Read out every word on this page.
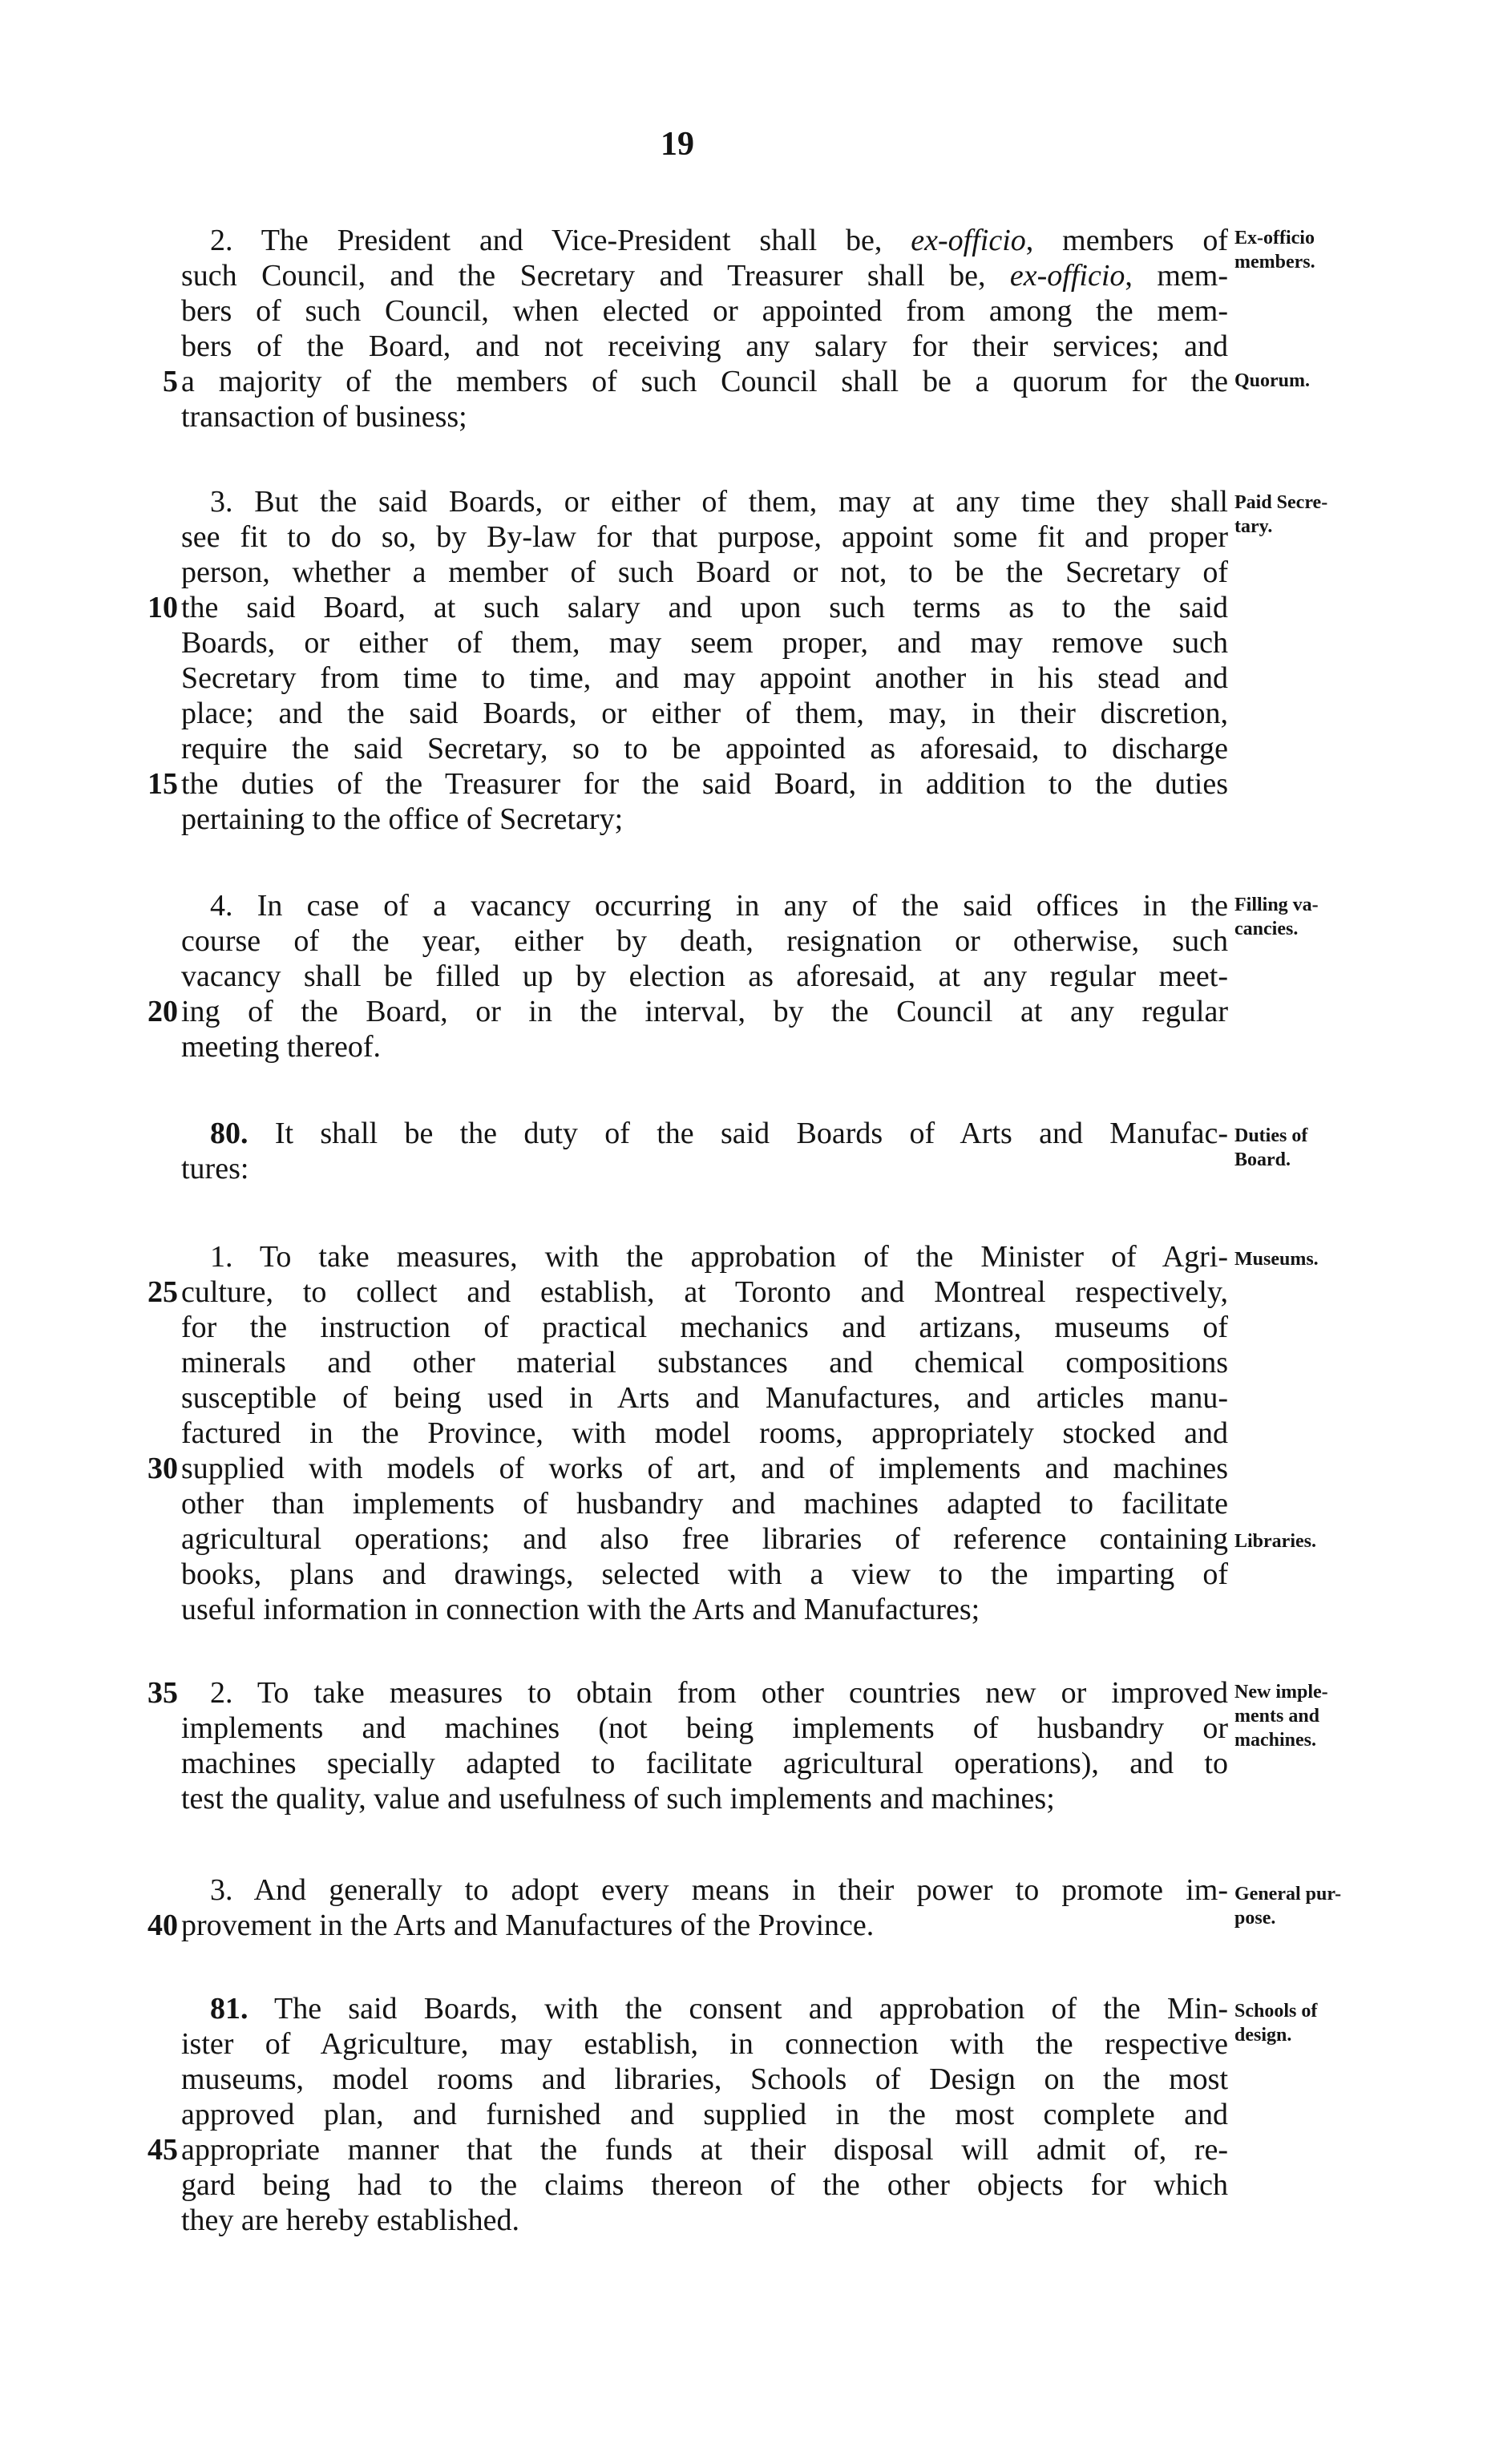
19
2. The President and Vice-President shall be, ex-officio, members of
such Council, and the Secretary and Treasurer shall be, ex-officio, mem-
bers of such Council, when elected or appointed from among the mem-
bers of the Board, and not receiving any salary for their services; and
5 a majority of the members of such Council shall be a quorum for the
transaction of business;
Ex-officio
members.
Quorum.
3. But the said Boards, or either of them, may at any time they shall
see fit to do so, by By-law for that purpose, appoint some fit and proper
person, whether a member of such Board or not, to be the Secretary of
10 the said Board, at such salary and upon such terms as to the said
Boards, or either of them, may seem proper, and may remove such
Secretary from time to time, and may appoint another in his stead and
place; and the said Boards, or either of them, may, in their discretion,
require the said Secretary, so to be appointed as aforesaid, to discharge
15 the duties of the Treasurer for the said Board, in addition to the duties
pertaining to the office of Secretary;
Paid Secre-
tary.
4. In case of a vacancy occurring in any of the said offices in the
course of the year, either by death, resignation or otherwise, such
vacancy shall be filled up by election as aforesaid, at any regular meet-
20 ing of the Board, or in the interval, by the Council at any regular
meeting thereof.
Filling va-
cancies.
80. It shall be the duty of the said Boards of Arts and Manufac-
tures:
Duties of
Board.
1. To take measures, with the approbation of the Minister of Agri-
25 culture, to collect and establish, at Toronto and Montreal respectively,
for the instruction of practical mechanics and artizans, museums of
minerals and other material substances and chemical compositions
susceptible of being used in Arts and Manufactures, and articles manu-
factured in the Province, with model rooms, appropriately stocked and
30 supplied with models of works of art, and of implements and machines
other than implements of husbandry and machines adapted to facilitate
agricultural operations; and also free libraries of reference containing
books, plans and drawings, selected with a view to the imparting of
useful information in connection with the Arts and Manufactures;
Museums.
Libraries.
35 2. To take measures to obtain from other countries new or improved
implements and machines (not being implements of husbandry or
machines specially adapted to facilitate agricultural operations), and to
test the quality, value and usefulness of such implements and machines;
New imple-
ments and
machines.
3. And generally to adopt every means in their power to promote im-
40 provement in the Arts and Manufactures of the Province.
General pur-
pose.
81. The said Boards, with the consent and approbation of the Min-
ister of Agriculture, may establish, in connection with the respective
museums, model rooms and libraries, Schools of Design on the most
approved plan, and furnished and supplied in the most complete and
45 appropriate manner that the funds at their disposal will admit of, re-
gard being had to the claims thereon of the other objects for which
they are hereby established.
Schools of
design.
